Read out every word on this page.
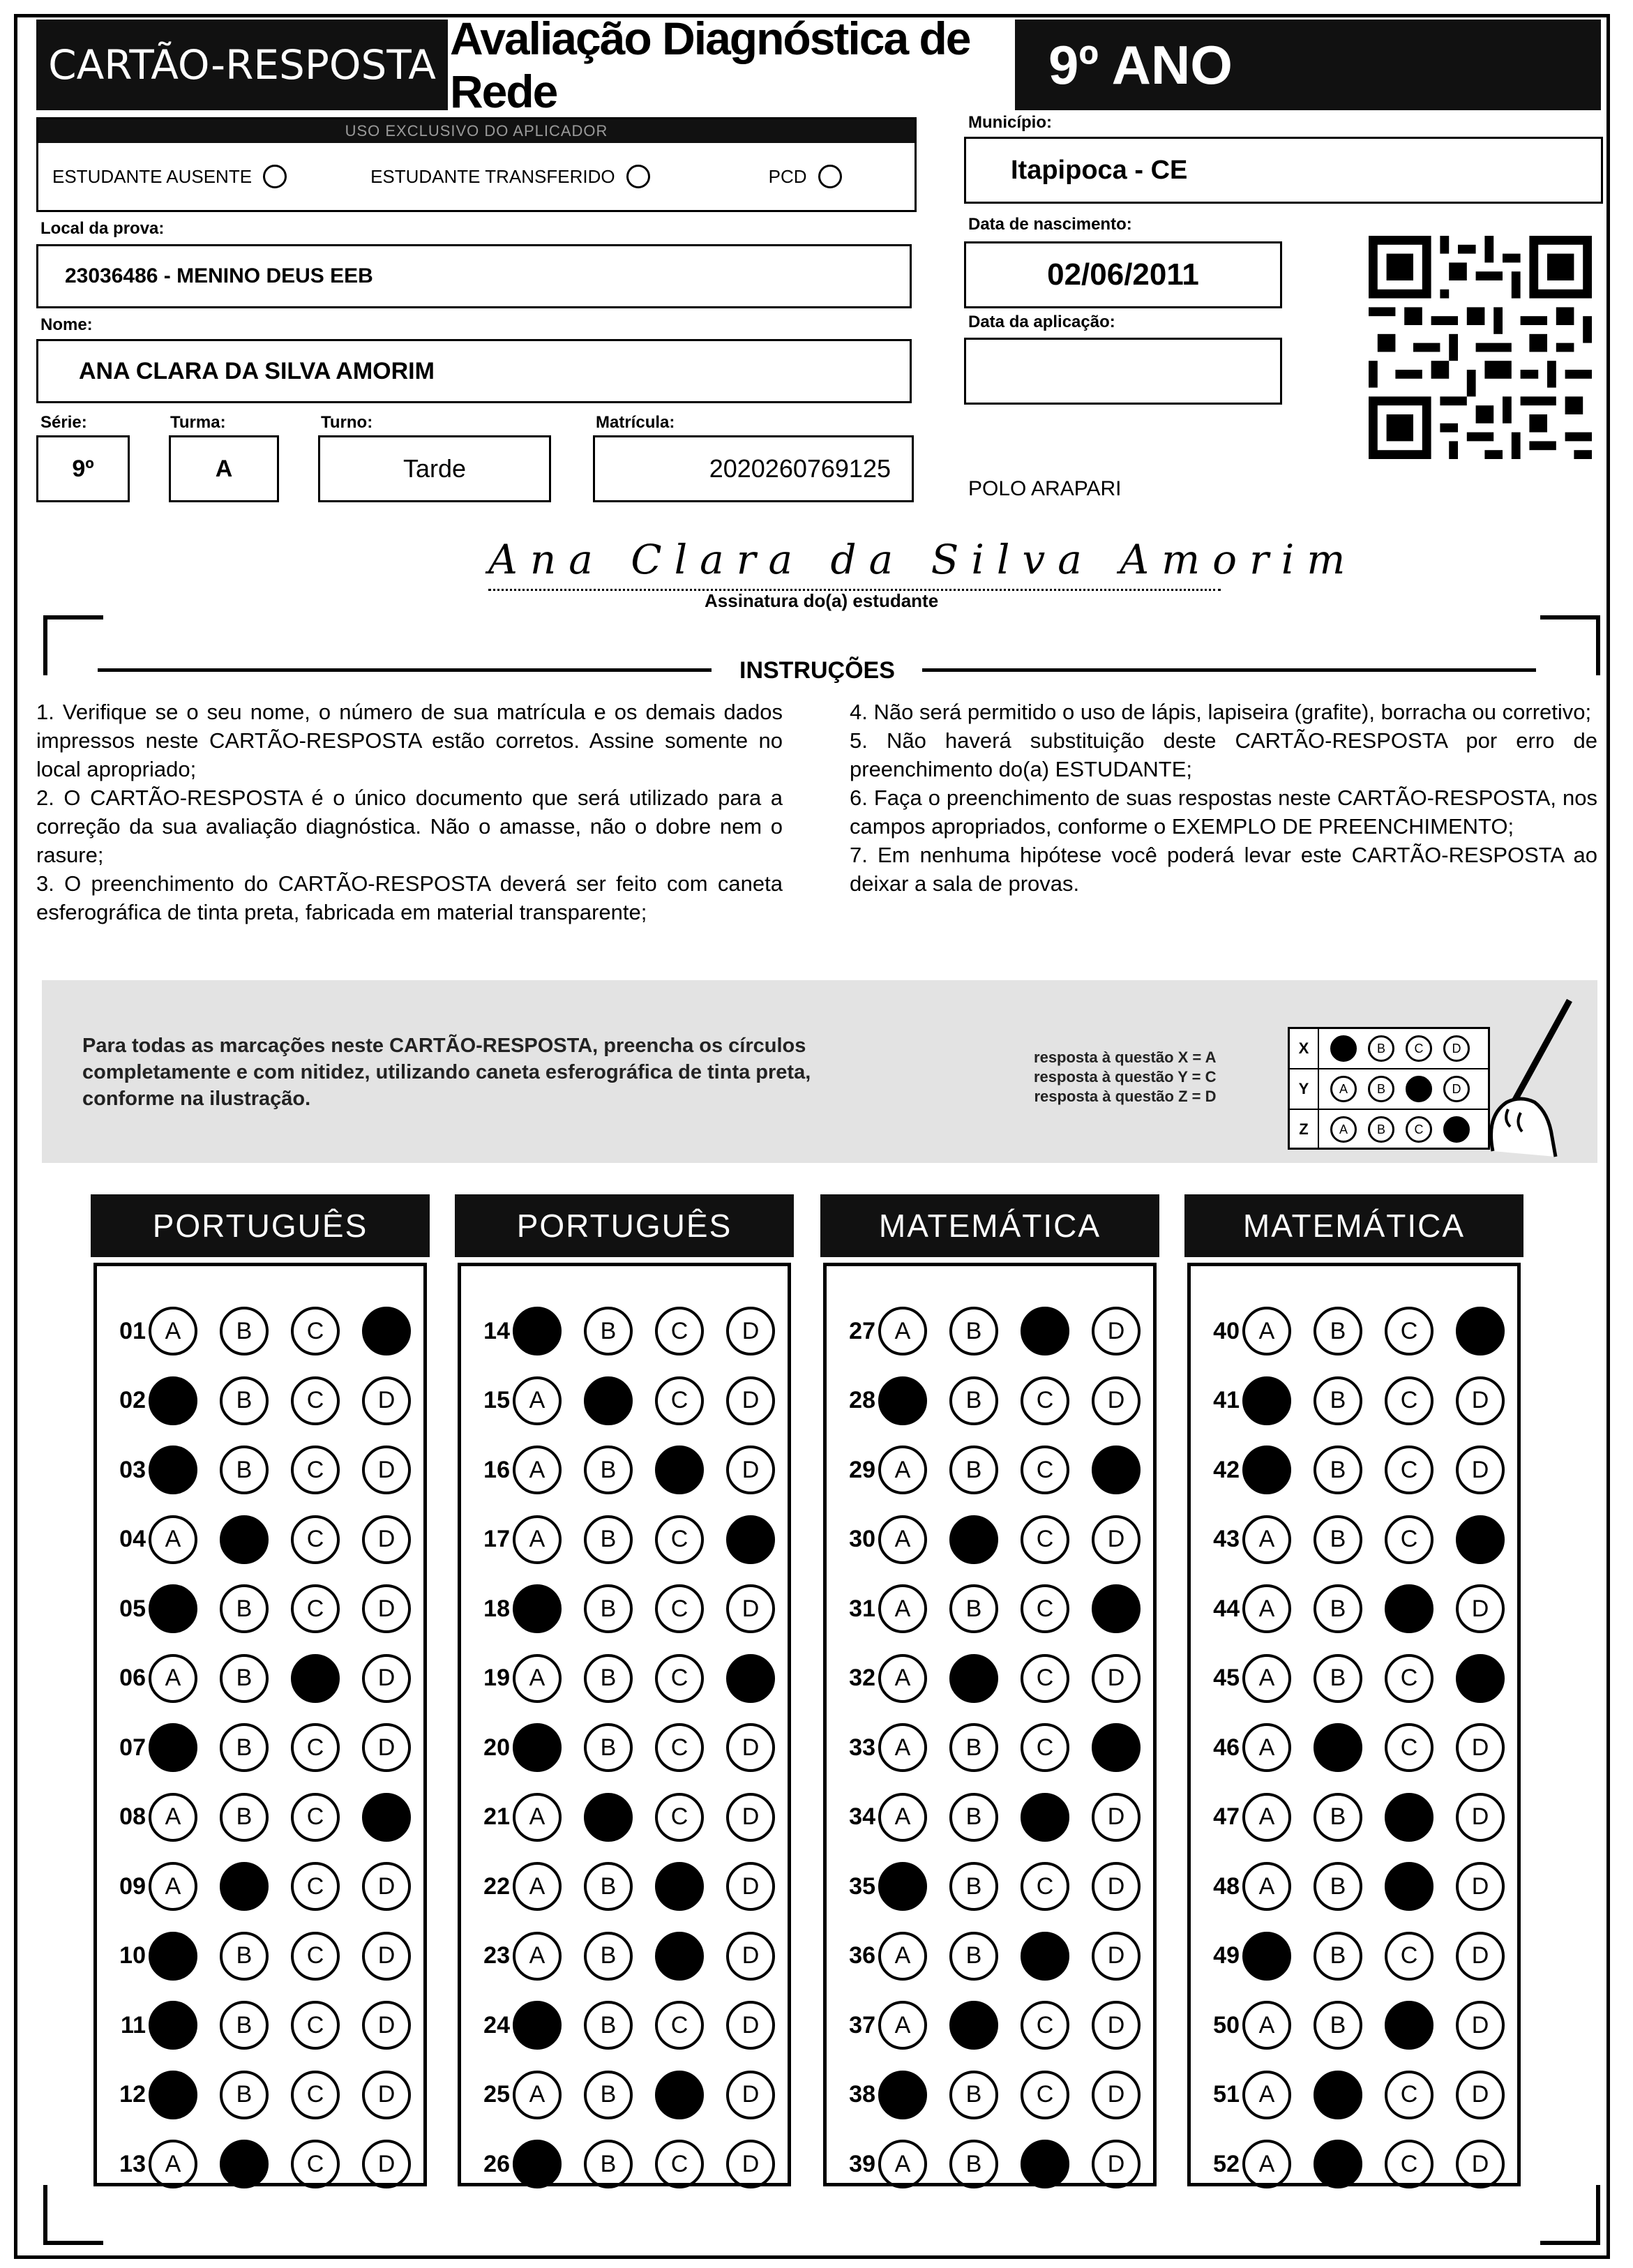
CARTÃO-RESPOSTA
Avaliação Diagnóstica de Rede	9º ANO
USO EXCLUSIVO DO APLICADOR
ESTUDANTE AUSENTE	ESTUDANTE TRANSFERIDO	PCD
Local da prova:
23036486 - MENINO DEUS EEB
Nome:
ANA CLARA DA SILVA AMORIM
Série:
9º
Turma:
A
Turno:
Tarde
Matrícula:
2020260769125
Município:
Itapipoca - CE
Data de nascimento:
02/06/2011
Data da aplicação:
POLO ARAPARI
Ana Clara da Silva Amorim
Assinatura do(a) estudante
INSTRUÇÕES
1. Verifique se o seu nome, o número de sua matrícula e os demais dados impressos neste CARTÃO-RESPOSTA estão corretos. Assine somente no local apropriado;
2. O CARTÃO-RESPOSTA é o único documento que será utilizado para a correção da sua avaliação diagnóstica. Não o amasse, não o dobre nem o rasure;
3. O preenchimento do CARTÃO-RESPOSTA deverá ser feito com caneta esferográfica de tinta preta, fabricada em material transparente;
4. Não será permitido o uso de lápis, lapiseira (grafite), borracha ou corretivo;
5. Não haverá substituição deste CARTÃO-RESPOSTA por erro de preenchimento do(a) ESTUDANTE;
6. Faça o preenchimento de suas respostas neste CARTÃO-RESPOSTA, nos campos apropriados, conforme o EXEMPLO DE PREENCHIMENTO;
7. Em nenhuma hipótese você poderá levar este CARTÃO-RESPOSTA ao deixar a sala de provas.
Para todas as marcações neste CARTÃO-RESPOSTA, preencha os círculos completamente e com nitidez, utilizando caneta esferográfica de tinta preta, conforme na ilustração.
resposta à questão X = A
resposta à questão Y = C
resposta à questão Z = D
X	A	B	C	D
Y	A	B	C	D
Z	A	B	C	D
PORTUGUÊS
01 A	B	C	D
02 A	B	C	D
03 A	B	C	D
04 A	B	C	D
05 A	B	C	D
06 A	B	C	D
07 A	B	C	D
08 A	B	C	D
09 A	B	C	D
10 A	B	C	D
11 A	B	C	D
12 A	B	C	D
13 A	B	C	D
PORTUGUÊS
14 A	B	C	D
15 A	B	C	D
16 A	B	C	D
17 A	B	C	D
18 A	B	C	D
19 A	B	C	D
20 A	B	C	D
21 A	B	C	D
22 A	B	C	D
23 A	B	C	D
24 A	B	C	D
25 A	B	C	D
26 A	B	C	D
MATEMÁTICA
27 A	B	C	D
28 A	B	C	D
29 A	B	C	D
30 A	B	C	D
31 A	B	C	D
32 A	B	C	D
33 A	B	C	D
34 A	B	C	D
35 A	B	C	D
36 A	B	C	D
37 A	B	C	D
38 A	B	C	D
39 A	B	C	D
MATEMÁTICA
40 A	B	C	D
41 A	B	C	D
42 A	B	C	D
43 A	B	C	D
44 A	B	C	D
45 A	B	C	D
46 A	B	C	D
47 A	B	C	D
48 A	B	C	D
49 A	B	C	D
50 A	B	C	D
51 A	B	C	D
52 A	B	C	D
